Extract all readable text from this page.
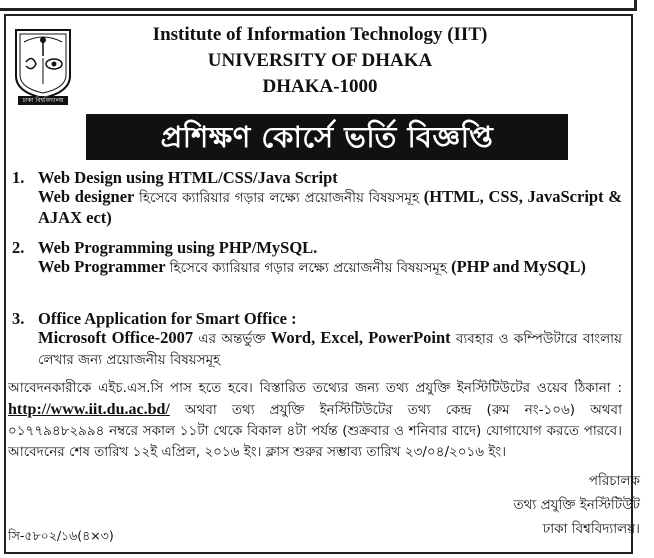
ঢাকা বিশ্ববিদ্যালয়
Institute of Information Technology (IIT)
UNIVERSITY OF DHAKA
DHAKA-1000
প্রশিক্ষণ কোর্সে ভর্তি বিজ্ঞপ্তি
1. Web Design using HTML/CSS/Java Script
Web designer হিসেবে ক্যারিয়ার গড়ার লক্ষ্যে প্রয়োজনীয় বিষয়সমূহ (HTML, CSS, JavaScript & AJAX ect)
2. Web Programming using PHP/MySQL.
Web Programmer হিসেবে ক্যারিয়ার গড়ার লক্ষ্যে প্রয়োজনীয় বিষয়সমূহ (PHP and MySQL)
3. Office Application for Smart Office :
Microsoft Office-2007 এর অন্তর্ভুক্ত Word, Excel, PowerPoint ব্যবহার ও কম্পিউটারে বাংলায় লেখার জন্য প্রয়োজনীয় বিষয়সমূহ
আবেদনকারীকে এইচ.এস.সি পাস হতে হবে। বিস্তারিত তথ্যের জন্য তথ্য প্রযুক্তি ইনস্টিটিউটের ওয়েব ঠিকানা : http://www.iit.du.ac.bd/ অথবা তথ্য প্রযুক্তি ইনস্টিটিউটের তথ্য কেন্দ্র (রুম নং-১০৬) অথবা ০১৭৭৯৪৮২৯৯৪ নম্বরে সকাল ১১টা থেকে বিকাল ৪টা পর্যন্ত (শুক্রবার ও শনিবার বাদে) যোগাযোগ করতে পারবে। আবেদনের শেষ তারিখ ১২ই এপ্রিল, ২০১৬ ইং। ক্লাস শুরুর সম্ভাব্য তারিখ ২৩/০৪/২০১৬ ইং।
পরিচালক
তথ্য প্রযুক্তি ইনস্টিটিউট
ঢাকা বিশ্ববিদ্যালয়।
সি-৫৮০২/১৬(৪×৩)
